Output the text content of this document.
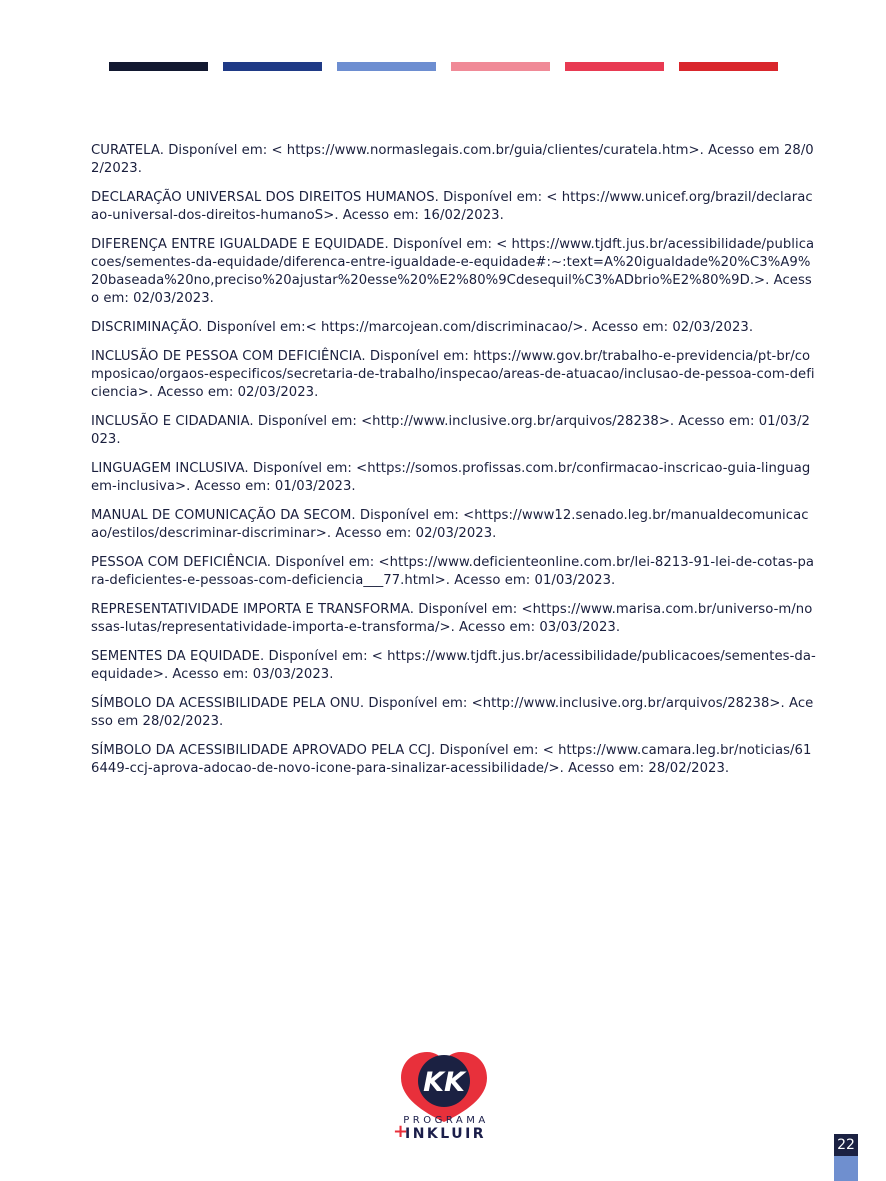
CURATELA. Disponível em: < https://www.normaslegais.com.br/guia/clientes/curatela.htm>. Acesso em 28/02/2023.

DECLARAÇÃO UNIVERSAL DOS DIREITOS HUMANOS. Disponível em: < https://www.unicef.org/brazil/declaracao-universal-dos-direitos-humanoS>. Acesso em: 16/02/2023.

DIFERENÇA ENTRE IGUALDADE E EQUIDADE. Disponível em: < https://www.tjdft.jus.br/acessibilidade/publicacoes/sementes-da-equidade/diferenca-entre-igualdade-e-equidade#:~:text=A%20igualdade%20%C3%A9%20baseada%20no,preciso%20ajustar%20esse%20%E2%80%9Cdesequil%C3%ADbrio%E2%80%9D.>. Acesso em: 02/03/2023.

DISCRIMINAÇÃO. Disponível em:< https://marcojean.com/discriminacao/>. Acesso em: 02/03/2023.

INCLUSÃO DE PESSOA COM DEFICIÊNCIA. Disponível em: https://www.gov.br/trabalho-e-previdencia/pt-br/composicao/orgaos-especificos/secretaria-de-trabalho/inspecao/areas-de-atuacao/inclusao-de-pessoa-com-deficiencia>. Acesso em: 02/03/2023.

INCLUSÃO E CIDADANIA. Disponível em: <http://www.inclusive.org.br/arquivos/28238>. Acesso em: 01/03/2023.

LINGUAGEM INCLUSIVA. Disponível em: <https://somos.profissas.com.br/confirmacao-inscricao-guia-linguagem-inclusiva>. Acesso em: 01/03/2023.

MANUAL DE COMUNICAÇÃO DA SECOM. Disponível em: <https://www12.senado.leg.br/manualdecomunicacao/estilos/descriminar-discriminar>. Acesso em: 02/03/2023.

PESSOA COM DEFICIÊNCIA. Disponível em: <https://www.deficienteonline.com.br/lei-8213-91-lei-de-cotas-para-deficientes-e-pessoas-com-deficiencia___77.html>. Acesso em: 01/03/2023.

REPRESENTATIVIDADE IMPORTA E TRANSFORMA. Disponível em: <https://www.marisa.com.br/universo-m/nossas-lutas/representatividade-importa-e-transforma/>. Acesso em: 03/03/2023.

SEMENTES DA EQUIDADE. Disponível em: < https://www.tjdft.jus.br/acessibilidade/publicacoes/sementes-da-equidade>. Acesso em: 03/03/2023.

SÍMBOLO DA ACESSIBILIDADE PELA ONU. Disponível em: <http://www.inclusive.org.br/arquivos/28238>. Acesso em 28/02/2023.

SÍMBOLO DA ACESSIBILIDADE APROVADO PELA CCJ. Disponível em: < https://www.camara.leg.br/noticias/616449-ccj-aprova-adocao-de-novo-icone-para-sinalizar-acessibilidade/>. Acesso em: 28/02/2023.

KK
PROGRAMA
+
INKLUIR
22
